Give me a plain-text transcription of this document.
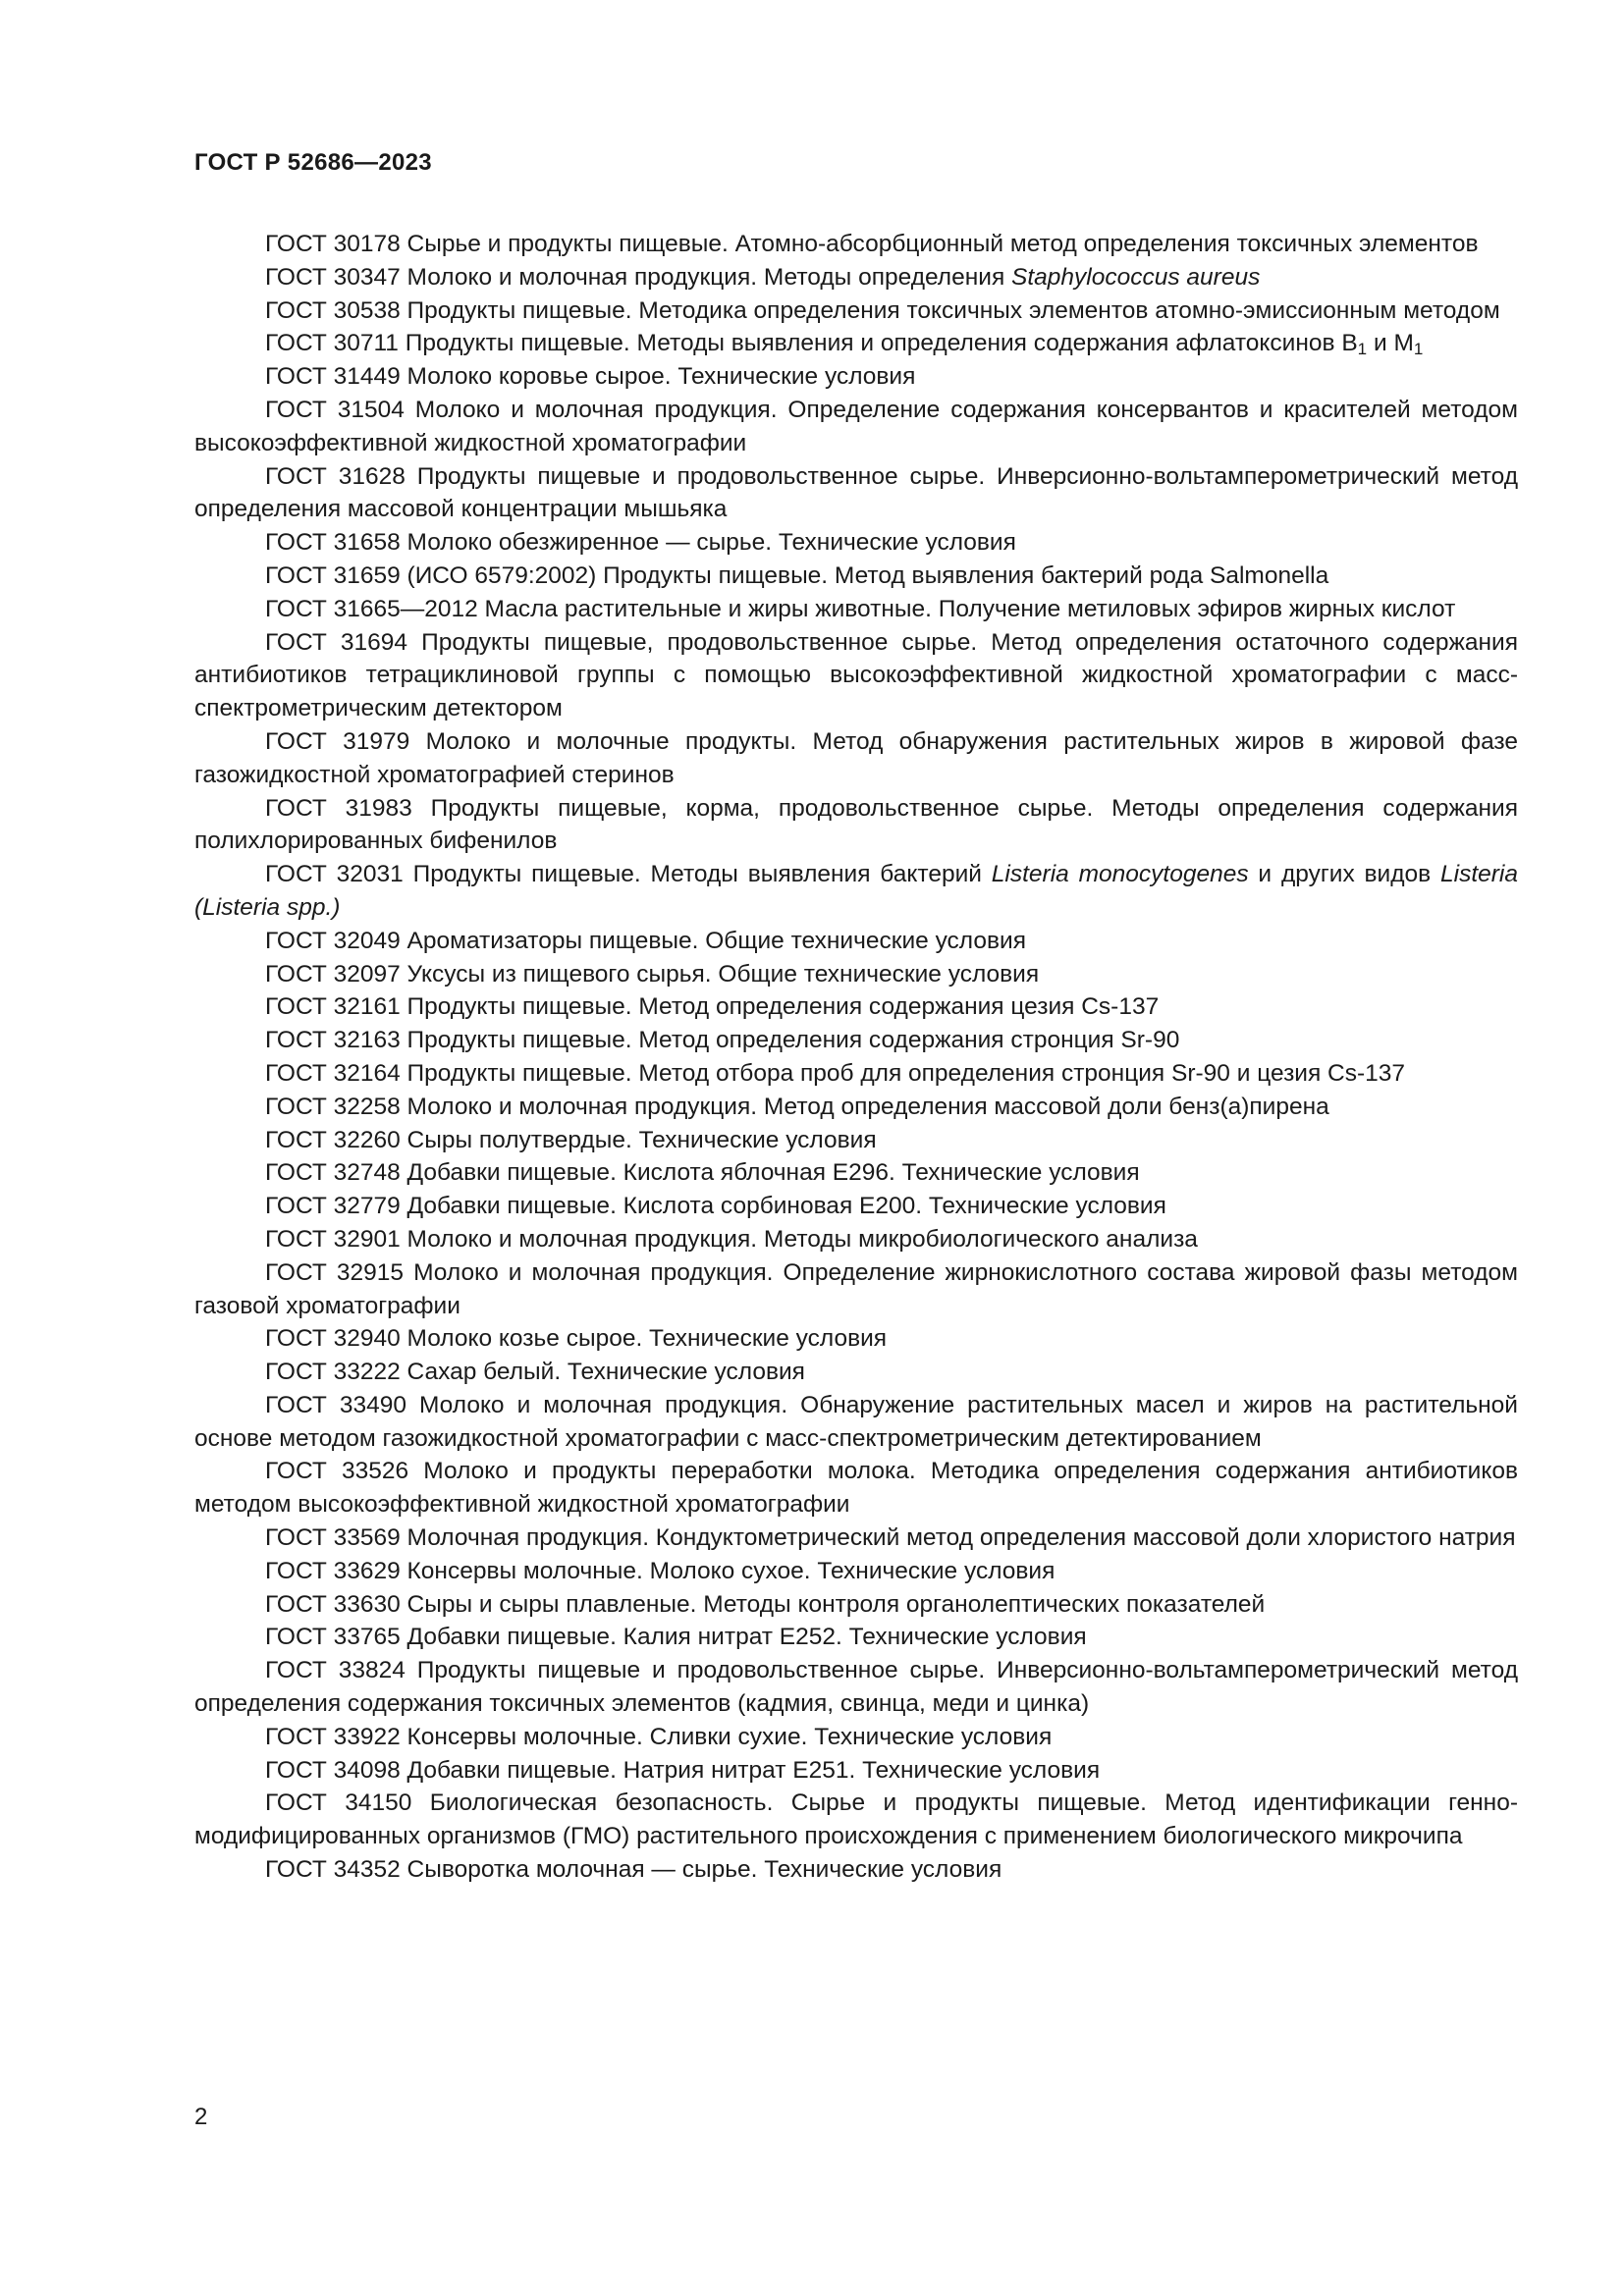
ГОСТ Р 52686—2023
ГОСТ 30178 Сырье и продукты пищевые. Атомно-абсорбционный метод определения токсичных элементов
ГОСТ 30347 Молоко и молочная продукция. Методы определения Staphylococcus aureus
ГОСТ 30538 Продукты пищевые. Методика определения токсичных элементов атомно-эмиссионным методом
ГОСТ 30711 Продукты пищевые. Методы выявления и определения содержания афлатоксинов $В_1$ и $М_1$
ГОСТ 31449 Молоко коровье сырое. Технические условия
ГОСТ 31504 Молоко и молочная продукция. Определение содержания консервантов и красителей методом высокоэффективной жидкостной хроматографии
ГОСТ 31628 Продукты пищевые и продовольственное сырье. Инверсионно-вольтамперометрический метод определения массовой концентрации мышьяка
ГОСТ 31658 Молоко обезжиренное — сырье. Технические условия
ГОСТ 31659 (ИСО 6579:2002) Продукты пищевые. Метод выявления бактерий рода Salmonella
ГОСТ 31665—2012 Масла растительные и жиры животные. Получение метиловых эфиров жирных кислот
ГОСТ 31694 Продукты пищевые, продовольственное сырье. Метод определения остаточного содержания антибиотиков тетрациклиновой группы с помощью высокоэффективной жидкостной хроматографии с масс-спектрометрическим детектором
ГОСТ 31979 Молоко и молочные продукты. Метод обнаружения растительных жиров в жировой фазе газожидкостной хроматографией стеринов
ГОСТ 31983 Продукты пищевые, корма, продовольственное сырье. Методы определения содержания полихлорированных бифенилов
ГОСТ 32031 Продукты пищевые. Методы выявления бактерий Listeria monocytogenes и других видов Listeria (Listeria spp.)
ГОСТ 32049 Ароматизаторы пищевые. Общие технические условия
ГОСТ 32097 Уксусы из пищевого сырья. Общие технические условия
ГОСТ 32161 Продукты пищевые. Метод определения содержания цезия Cs-137
ГОСТ 32163 Продукты пищевые. Метод определения содержания стронция Sr-90
ГОСТ 32164 Продукты пищевые. Метод отбора проб для определения стронция Sr-90 и цезия Cs-137
ГОСТ 32258 Молоко и молочная продукция. Метод определения массовой доли бенз(а)пирена
ГОСТ 32260 Сыры полутвердые. Технические условия
ГОСТ 32748 Добавки пищевые. Кислота яблочная Е296. Технические условия
ГОСТ 32779 Добавки пищевые. Кислота сорбиновая Е200. Технические условия
ГОСТ 32901 Молоко и молочная продукция. Методы микробиологического анализа
ГОСТ 32915 Молоко и молочная продукция. Определение жирнокислотного состава жировой фазы методом газовой хроматографии
ГОСТ 32940 Молоко козье сырое. Технические условия
ГОСТ 33222 Сахар белый. Технические условия
ГОСТ 33490 Молоко и молочная продукция. Обнаружение растительных масел и жиров на растительной основе методом газожидкостной хроматографии с масс-спектрометрическим детектированием
ГОСТ 33526 Молоко и продукты переработки молока. Методика определения содержания антибиотиков методом высокоэффективной жидкостной хроматографии
ГОСТ 33569 Молочная продукция. Кондуктометрический метод определения массовой доли хлористого натрия
ГОСТ 33629 Консервы молочные. Молоко сухое. Технические условия
ГОСТ 33630 Сыры и сыры плавленые. Методы контроля органолептических показателей
ГОСТ 33765 Добавки пищевые. Калия нитрат Е252. Технические условия
ГОСТ 33824 Продукты пищевые и продовольственное сырье. Инверсионно-вольтамперометрический метод определения содержания токсичных элементов (кадмия, свинца, меди и цинка)
ГОСТ 33922 Консервы молочные. Сливки сухие. Технические условия
ГОСТ 34098 Добавки пищевые. Натрия нитрат Е251. Технические условия
ГОСТ 34150 Биологическая безопасность. Сырье и продукты пищевые. Метод идентификации генно-модифицированных организмов (ГМО) растительного происхождения с применением биологического микрочипа
ГОСТ 34352 Сыворотка молочная — сырье. Технические условия
2
